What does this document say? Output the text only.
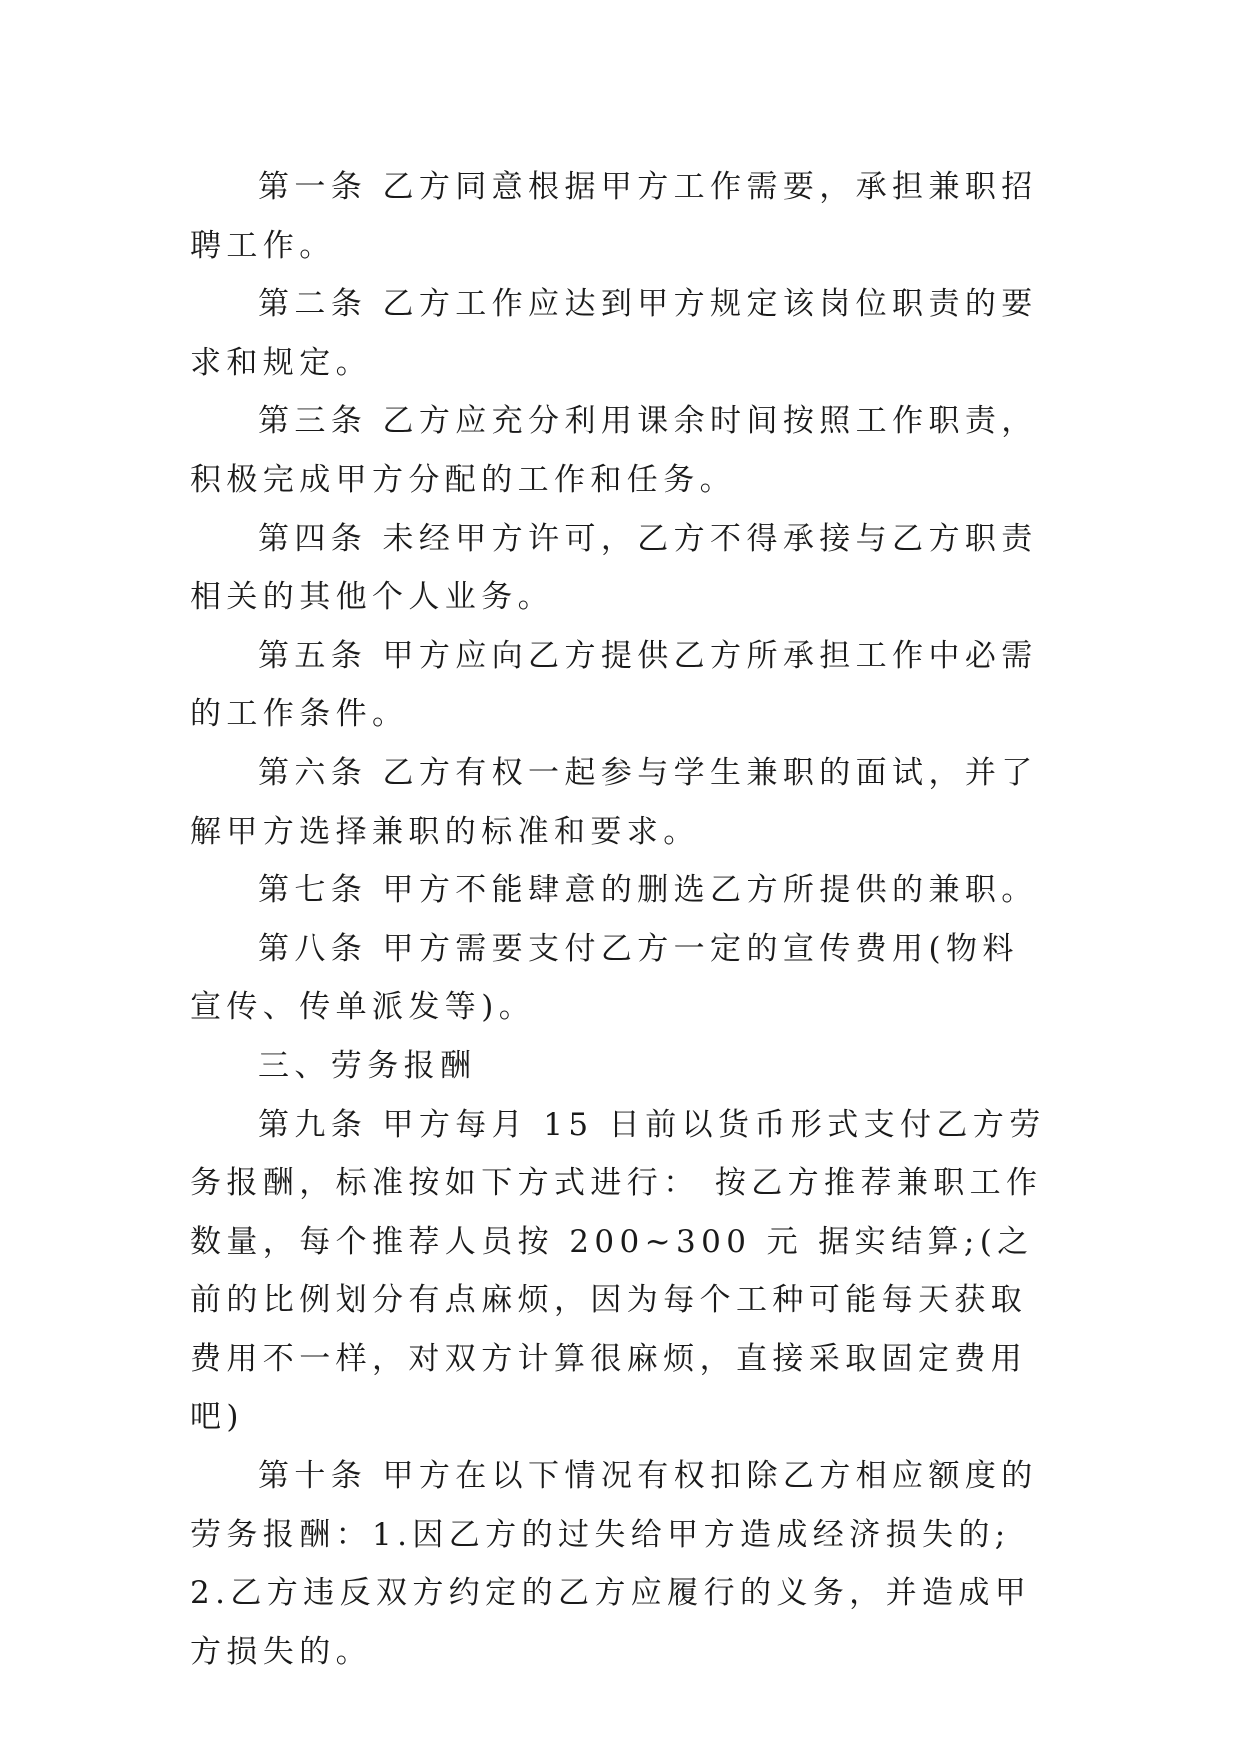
第一条 乙方同意根据甲方工作需要，承担兼职招聘工作。

第二条 乙方工作应达到甲方规定该岗位职责的要求和规定。

第三条 乙方应充分利用课余时间按照工作职责，积极完成甲方分配的工作和任务。

第四条 未经甲方许可，乙方不得承接与乙方职责相关的其他个人业务。

第五条 甲方应向乙方提供乙方所承担工作中必需的工作条件。

第六条 乙方有权一起参与学生兼职的面试，并了解甲方选择兼职的标准和要求。

第七条 甲方不能肆意的删选乙方所提供的兼职。

第八条 甲方需要支付乙方一定的宣传费用(物料宣传、传单派发等)。

三、劳务报酬

第九条 甲方每月 15 日前以货币形式支付乙方劳务报酬，标准按如下方式进行： 按乙方推荐兼职工作数量，每个推荐人员按 200~300 元 据实结算;(之前的比例划分有点麻烦，因为每个工种可能每天获取费用不一样，对双方计算很麻烦，直接采取固定费用吧)

第十条 甲方在以下情况有权扣除乙方相应额度的劳务报酬：1.因乙方的过失给甲方造成经济损失的;2.乙方违反双方约定的乙方应履行的义务，并造成甲方损失的。
